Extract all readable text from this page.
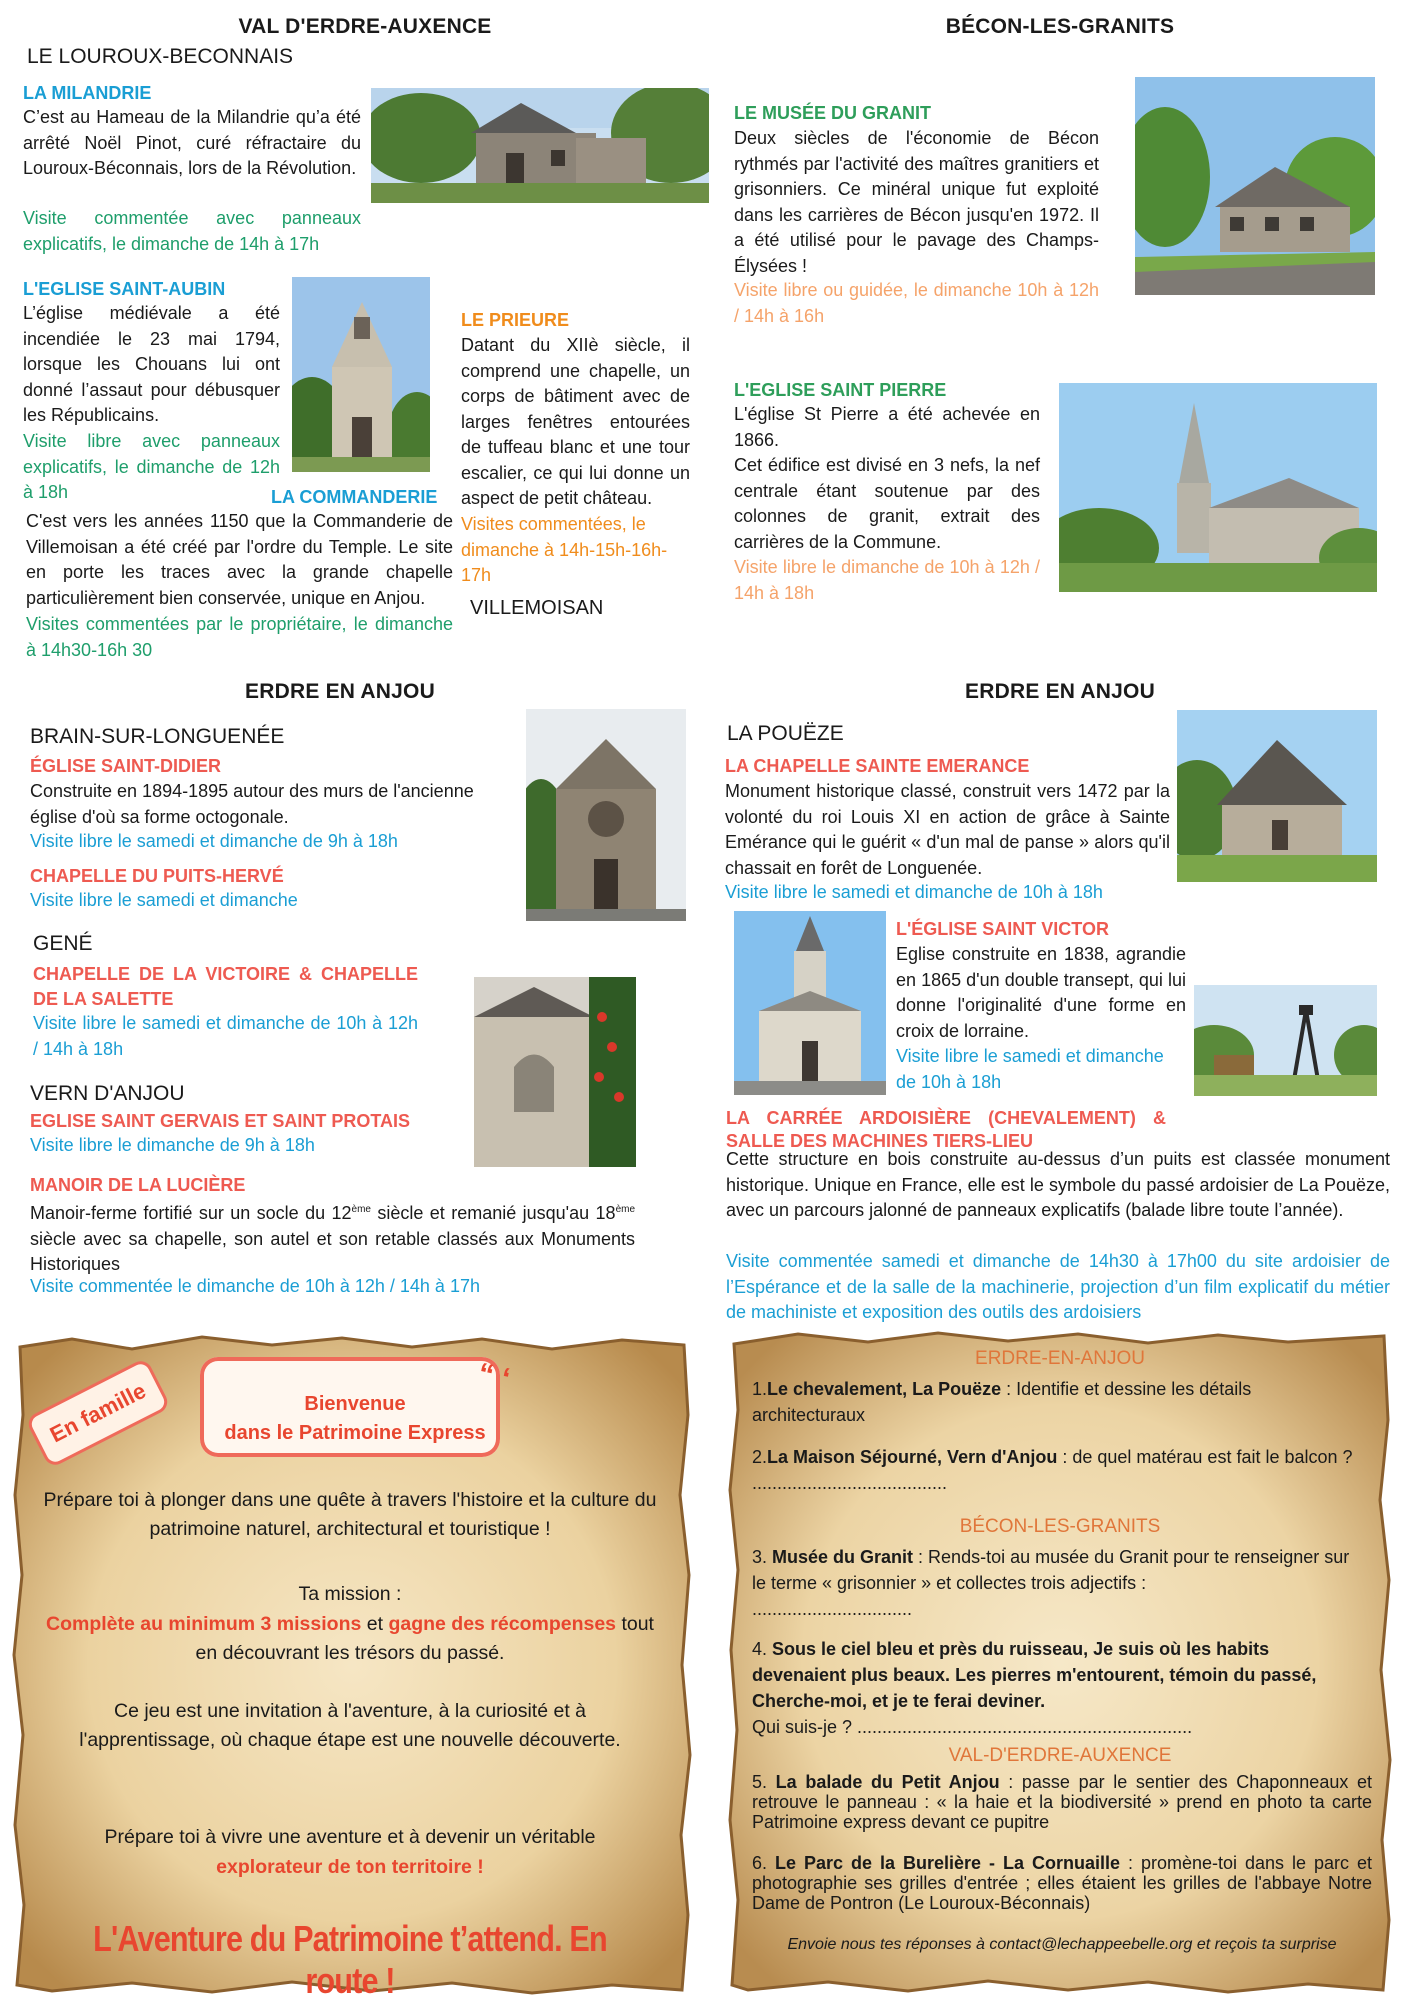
VAL D'ERDRE-AUXENCE
LE LOUROUX-BECONNAIS
LA MILANDRIE
C’est au Hameau de la Milandrie qu’a été arrêté Noël Pinot, curé réfractaire du Louroux-Béconnais, lors de la Révolution.
Visite commentée avec panneaux explicatifs, le dimanche de 14h à 17h
L'EGLISE SAINT-AUBIN
L’église médiévale a été incendiée le 23 mai 1794, lorsque les Chouans lui ont donné l’assaut pour débusquer les Républicains.
Visite libre avec panneaux explicatifs, le dimanche de 12h à 18h
LE PRIEURE
Datant du XIIè siècle, il comprend une chapelle, un corps de bâtiment avec de larges fenêtres entourées de tuffeau blanc et une tour escalier, ce qui lui donne un aspect de petit château.
Visites commentées, le dimanche à 14h-15h-16h-17h
LA COMMANDERIE
C'est vers les années 1150 que la Commanderie de Villemoisan a été créé par l'ordre du Temple. Le site en porte les traces avec la grande chapelle particulièrement bien conservée, unique en Anjou.
Visites commentées par le propriétaire, le dimanche à 14h30-16h 30
VILLEMOISAN
BÉCON-LES-GRANITS
LE MUSÉE DU GRANIT
Deux siècles de l'économie de Bécon rythmés par l'activité des maîtres granitiers et grisonniers. Ce minéral unique fut exploité dans les carrières de Bécon jusqu'en 1972. Il a été utilisé pour le pavage des Champs-Élysées !
Visite libre ou guidée, le dimanche 10h à 12h / 14h à 16h
L'EGLISE SAINT PIERRE
L'église St Pierre a été achevée en 1866.
Cet édifice est divisé en 3 nefs, la nef centrale étant soutenue par des colonnes de granit, extrait des carrières de la Commune.
Visite libre le dimanche de 10h à 12h / 14h à 18h
ERDRE EN ANJOU
BRAIN-SUR-LONGUENÉE
ÉGLISE SAINT-DIDIER
Construite en 1894-1895 autour des murs de l'ancienne église d'où sa forme octogonale.
Visite libre le samedi et dimanche de 9h à 18h
CHAPELLE DU PUITS-HERVÉ
Visite libre le samedi et dimanche
GENÉ
CHAPELLE DE LA VICTOIRE & CHAPELLE DE LA SALETTE
Visite libre le samedi et dimanche de 10h à 12h / 14h à 18h
VERN D'ANJOU
EGLISE SAINT GERVAIS ET SAINT PROTAIS
Visite libre le dimanche de 9h à 18h
MANOIR DE LA LUCIÈRE
Manoir-ferme fortifié sur un socle du 12ème siècle et remanié jusqu'au 18ème siècle avec sa chapelle, son autel et son retable classés aux Monuments Historiques
Visite commentée le dimanche de 10h à 12h / 14h à 17h
ERDRE EN ANJOU
LA POUËZE
LA CHAPELLE SAINTE EMERANCE
Monument historique classé, construit vers 1472 par la volonté du roi Louis XI en action de grâce à Sainte Emérance qui le guérit « d'un mal de panse » alors qu'il chassait en forêt de Longuenée.
Visite libre le samedi et dimanche de 10h à 18h
L'ÉGLISE SAINT VICTOR
Eglise construite en 1838, agrandie en 1865 d'un double transept, qui lui donne l'originalité d'une forme en croix de lorraine.
Visite libre le samedi et dimanche de 10h à 18h
LA CARRÉE ARDOISIÈRE (CHEVALEMENT) & SALLE DES MACHINES TIERS-LIEU
Cette structure en bois construite au-dessus d’un puits est classée monument historique. Unique en France, elle est le symbole du passé ardoisier de La Pouëze, avec un parcours jalonné de panneaux explicatifs (balade libre toute l’année).
Visite commentée samedi et dimanche de 14h30 à 17h00 du site ardoisier de l’Espérance et de la salle de la machinerie, projection d’un film explicatif du métier de machiniste et exposition des outils des ardoisiers
Bienvenue
dans le Patrimoine Express
En famille
“ ‘
Prépare toi à plonger dans une quête à travers l'histoire et la culture du patrimoine naturel, architectural et touristique !
Ta mission :
Complète au minimum 3 missions et gagne des récompenses tout en découvrant les trésors du passé.
Ce jeu est une invitation à l'aventure, à la curiosité et à l'apprentissage, où chaque étape est une nouvelle découverte.
Prépare toi à vivre une aventure et à devenir un véritable
explorateur de ton territoire !
L'Aventure du Patrimoine t’attend. En route !
ERDRE-EN-ANJOU
1.Le chevalement, La Pouëze : Identifie et dessine les détails architecturaux
2.La Maison Séjourné, Vern d'Anjou : de quel matérau est fait le balcon ? .......................................
BÉCON-LES-GRANITS
3. Musée du Granit : Rends-toi au musée du Granit pour te renseigner sur le terme « grisonnier » et collectes trois adjectifs :
................................
4. Sous le ciel bleu et près du ruisseau, Je suis où les habits devenaient plus beaux. Les pierres m'entourent, témoin du passé, Cherche-moi, et je te ferai deviner.
Qui suis-je ? ...................................................................
VAL-D'ERDRE-AUXENCE
5. La balade du Petit Anjou : passe par le sentier des Chaponneaux et retrouve le panneau : « la haie et la biodiversité » prend en photo ta carte Patrimoine express devant ce pupitre
6. Le Parc de la Burelière - La Cornuaille : promène-toi dans le parc et photographie ses grilles d'entrée ; elles étaient les grilles de l'abbaye Notre Dame de Pontron (Le Louroux-Béconnais)
Envoie nous tes réponses à contact@lechappeebelle.org et reçois ta surprise
